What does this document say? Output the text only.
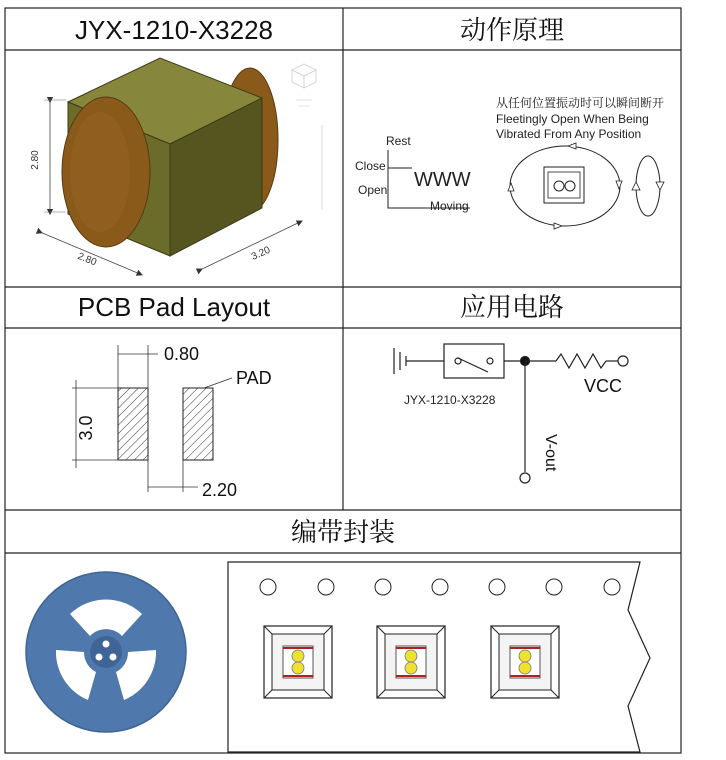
JYX-1210-X3228	动作原理
PCB Pad Layout	应用电路
编带封装
2.80
2.80	3.20
Rest
Close
Open
Moving
WWW
从任何位置振动时可以瞬间断开
Fleetingly Open When Being
Vibrated From Any Position
0.80
PAD
3.0
2.20
JYX-1210-X3228
VCC
V-out
